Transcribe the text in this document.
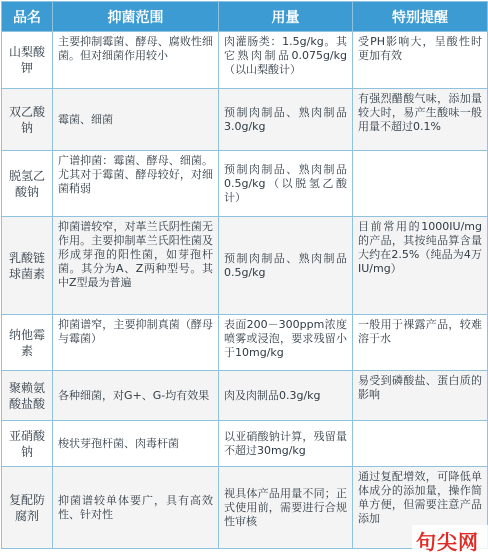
品名	抑菌范围	用量	特别提醒
山梨酸钾	主要抑制霉菌、酵母、腐败性细菌。但对细菌作用较小	肉灌肠类：1.5g/kg。其它熟肉制品0.075g/kg（以山梨酸计）	受PH影响大，呈酸性时更加有效
双乙酸钠	霉菌、细菌	预制肉制品、熟肉制品3.0g/kg	有强烈醋酸气味，添加量较大时，易产生酸味一般用量不超过0.1%
脱氢乙酸钠	广谱抑菌：霉菌、酵母、细菌。尤其对于霉菌、酵母较好，对细菌稍弱	预制肉制品、熟肉制品0.5g/kg（以脱氢乙酸计）	
乳酸链球菌素	抑菌谱较窄，对革兰氏阴性菌无作用。主要抑制革兰氏阳性菌及形成芽孢的阳性菌，如芽孢杆菌。其分为A、Z两种型号。其中Z型最为普遍	预制肉制品、熟肉制品0.5g/kg	目前常用的1000IU/mg的产品，其按纯品算含量大约在2.5%（纯品为4万IU/mg）
纳他霉素	抑菌谱窄，主要抑制真菌（酵母与霉菌）	表面200－300ppm浓度喷雾或浸泡，要求残留小于10mg/kg	一般用于裸露产品，较难溶于水
聚赖氨酸盐酸	各种细菌，对G+、G-均有效果	肉及肉制品0.3g/kg	易受到磷酸盐、蛋白质的影响
亚硝酸钠	梭状芽孢杆菌、肉毒杆菌	以亚硝酸钠计算，残留量不超过30mg/kg	
复配防腐剂	抑菌谱较单体要广，具有高效性、针对性	视具体产品用量不同；正式使用前，需要进行合规性审核	通过复配增效，可降低单体成分的添加量，操作简单方便，但需要注意产品添加
句尖网
